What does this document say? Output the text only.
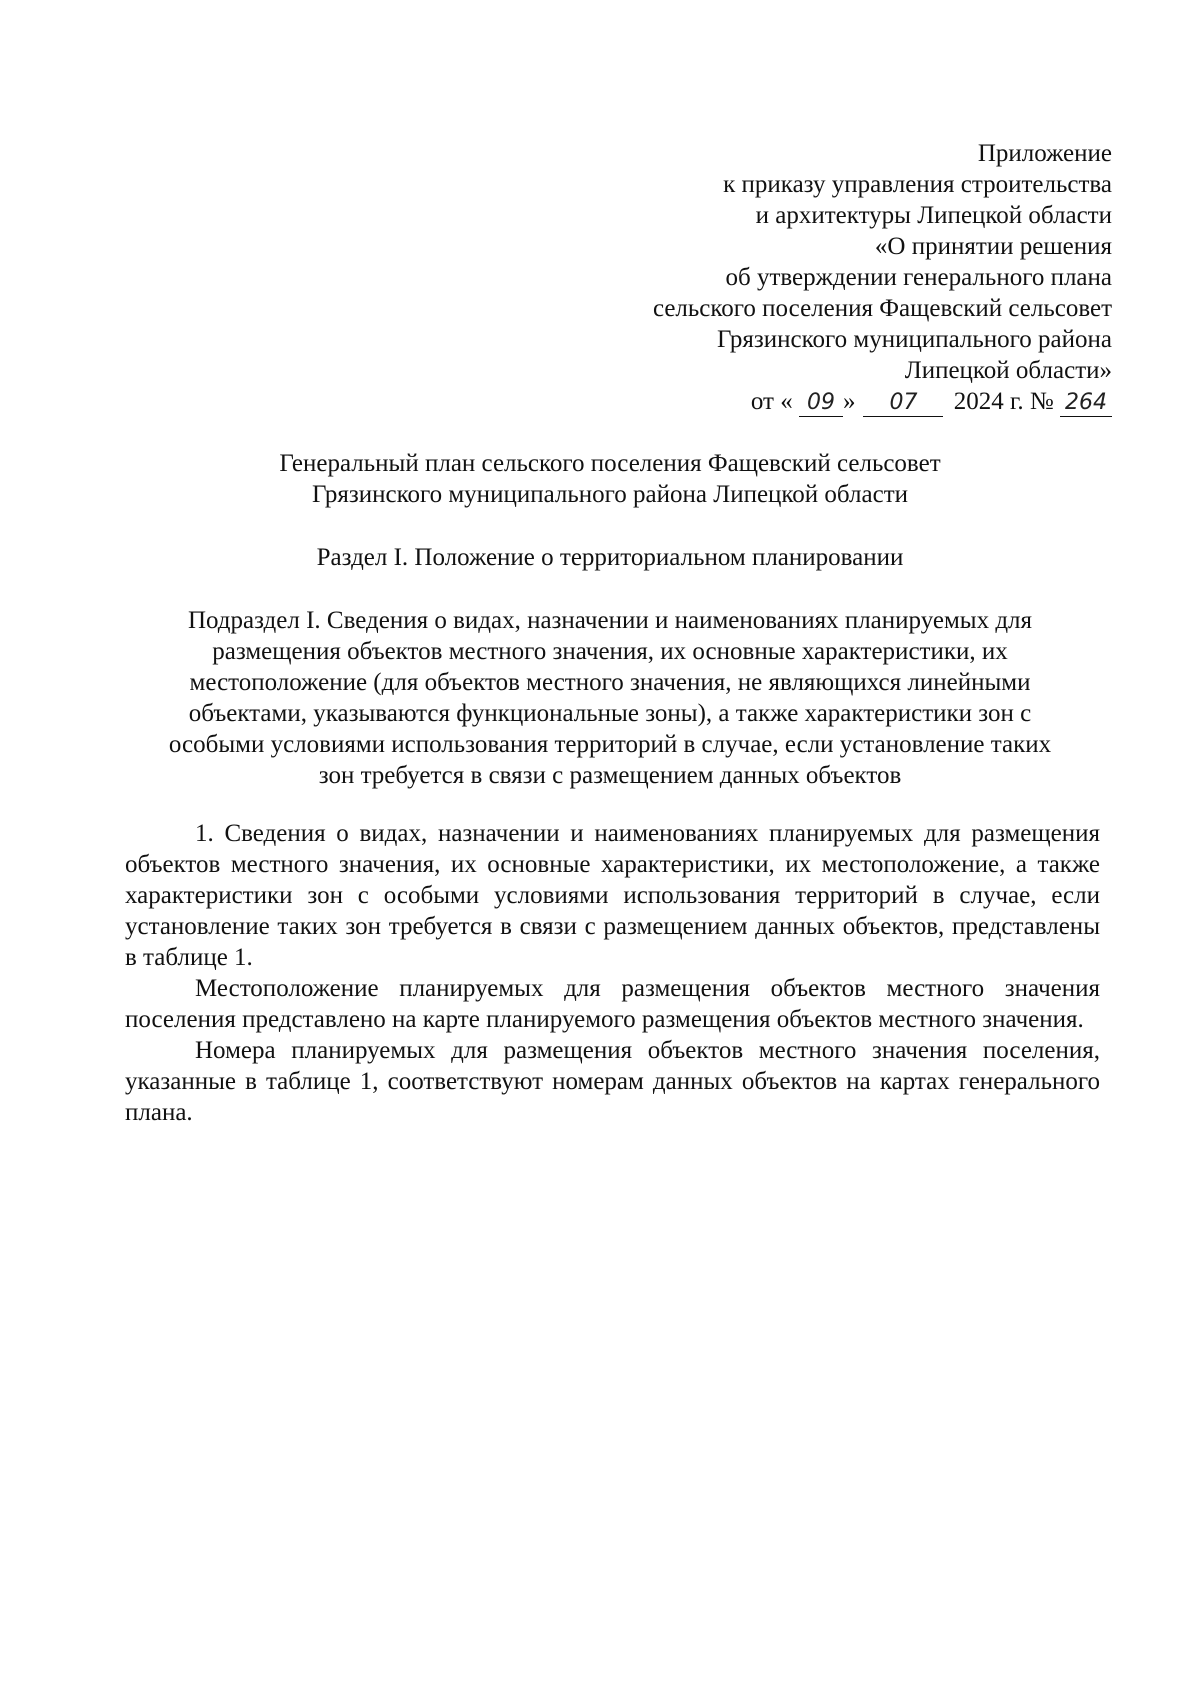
Приложение
к приказу управления строительства
и архитектуры Липецкой области
«О принятии решения
об утверждении генерального плана
сельского поселения Фащевский сельсовет
Грязинского муниципального района
Липецкой области»
от « 09 » 07 2024 г. № 264
Генеральный план сельского поселения Фащевский сельсовет
Грязинского муниципального района Липецкой области
Раздел I. Положение о территориальном планировании
Подраздел I. Сведения о видах, назначении и наименованиях планируемых для
размещения объектов местного значения, их основные характеристики, их
местоположение (для объектов местного значения, не являющихся линейными
объектами, указываются функциональные зоны), а также характеристики зон с
особыми условиями использования территорий в случае, если установление таких
зон требуется в связи с размещением данных объектов

1. Сведения о видах, назначении и наименованиях планируемых для размещения объектов местного значения, их основные характеристики, их местоположение, а также характеристики зон с особыми условиями использования территорий в случае, если установление таких зон требуется в связи с размещением данных объектов, представлены в таблице 1.

Местоположение планируемых для размещения объектов местного значения поселения представлено на карте планируемого размещения объектов местного значения.

Номера планируемых для размещения объектов местного значения поселения, указанные в таблице 1, соответствуют номерам данных объектов на картах генерального плана.
